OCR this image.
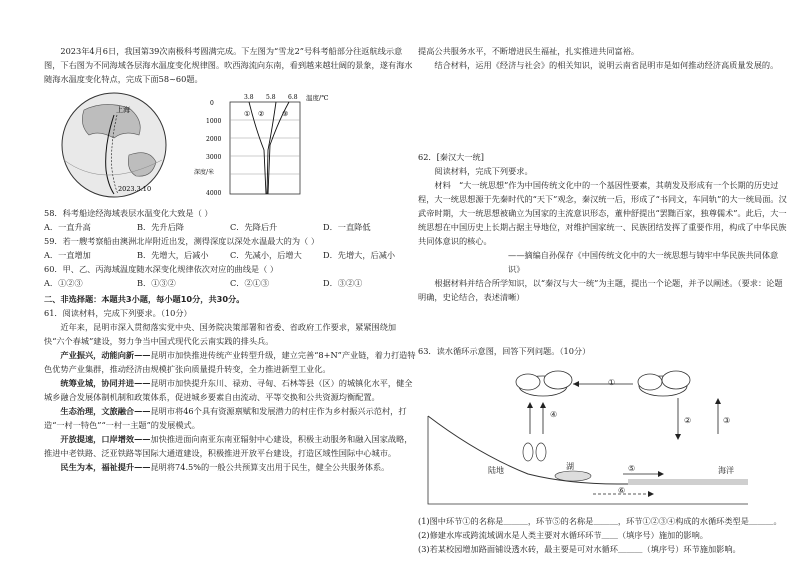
2023年4月6日，我国第39次南极科考圆满完成。下左图为“雪龙2”号科考船部分往返航线示意图，下右图为不同海域各层海水温度变化规律图。吹西海流向东南，看到越来越壮阔的景象，遂有海水随海水温度变化特点，完成下面58~60题。

上海
2023.3.10
温度/℃
3.8 5.8 6.8
① ②	③
0
1000
2000
3000
4000
深度/米

58．科考船途经海域表层水温变化大致是（ ）

A．一直升高	B．先升后降	C．先降后升	D．一直降低

59．若一艘考察船由澳洲北岸附近出发，测得深度以深处水温最大的为（ ）

A．一直增加	B．先增大，后减小	C．先减小，后增大	D．先增大，后减小

60．甲、乙、丙海域温度随水深变化规律依次对应的曲线是（ ）

A．①②③	B．①③②	C．②①③	D．③②①

二、非选择题：本题共3小题，每小题10分，共30分。

61．阅读材料，完成下列要求。（10分）

近年来，昆明市深入贯彻落实党中央、国务院决策部署和省委、省政府工作要求，紧紧围绕加快“六个春城”建设，努力争当中国式现代化云南实践的排头兵。

产业振兴，动能向新——昆明市加快推进传统产业转型升级，建立完善“8+N”产业链，着力打造特色优势产业集群，推动经济由规模扩张向质量提升转变，全力推进新型工业化。

统筹业城，协同并进——昆明市加快提升东川、禄劝、寻甸、石林等县（区）的城镇化水平，健全城乡融合发展体制机制和政策体系，促进城乡要素自由流动、平等交换和公共资源均衡配置。

生态治理，文旅融合——昆明市将46个具有资源禀赋和发展潜力的村庄作为乡村振兴示范村，打造“一村一特色”“一村一主题”的发展模式。

开放提速，口岸增效——加快推进面向南亚东南亚辐射中心建设，积极主动服务和融入国家战略，推进中老铁路、泛亚铁路等国际大通道建设，积极推进开放平台建设，打造区域性国际中心城市。

民生为本，福祉提升——昆明将74.5%的一般公共预算支出用于民生，健全公共服务体系。

提高公共服务水平，不断增进民生福祉，扎实推进共同富裕。

结合材料，运用《经济与社会》的相关知识，说明云南省昆明市是如何推动经济高质量发展的。

62．[秦汉大一统]

阅读材料，完成下列要求。

材料　“大一统思想”作为中国传统文化中的一个基因性要素，其萌发及形成有一个长期的历史过程，大一统思想源于先秦时代的“天下”观念，秦汉统一后，形成了“书同文，车同轨”的大一统局面。汉武帝时期，大一统思想被确立为国家的主流意识形态，董仲舒提出“罢黜百家，独尊儒术”。此后，大一统思想在中国历史上长期占据主导地位，对维护国家统一、民族团结发挥了重要作用，构成了中华民族共同体意识的核心。

——摘编自孙保存《中国传统文化中的大一统思想与铸牢中华民族共同体意识》

根据材料并结合所学知识，以“秦汉与大一统”为主题，提出一个论题，并予以阐述。（要求：论题明确，史论结合，表述清晰）

63．读水循环示意图，回答下列问题。（10分）

①
②	③
④
⑤
⑥
陆地	湖	海洋

(1)图中环节①的名称是＿＿＿，环节⑤的名称是＿＿＿，环节①②③④构成的水循环类型是＿＿＿。

(2)修建水库或跨流域调水是人类主要对水循环环节＿＿（填序号）施加的影响。

(3)若某校园增加路面铺设透水砖，最主要是可对水循环＿＿＿（填序号）环节施加影响。
